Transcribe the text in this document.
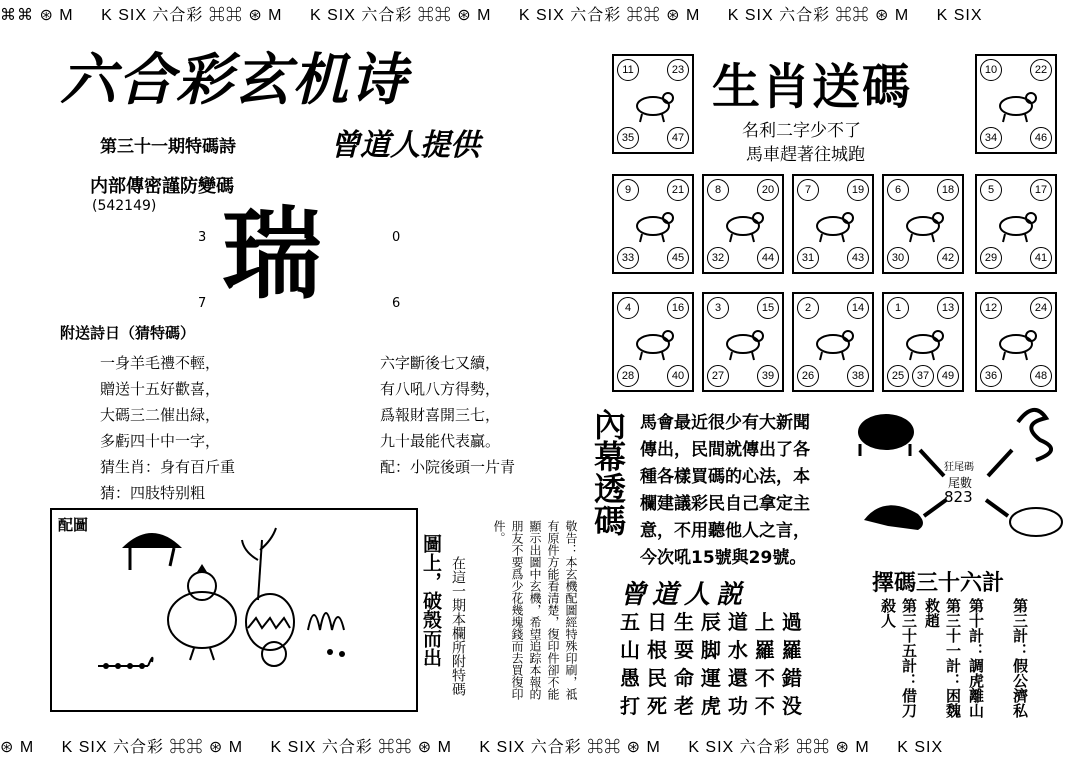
⌘⌘ ⊛ M K SIX 六合彩 ⌘⌘ ⊛ M K SIX 六合彩 ⌘⌘ ⊛ M K SIX 六合彩 ⌘⌘ ⊛ M K SIX 六合彩 ⌘⌘ ⊛ M K SIX
六合彩玄机诗
第三十一期特碼詩	曾道人提供
内部傳密謹防變碼
(542149)
3	0
7	6
瑞
附送詩日（猜特碼）
一身羊毛禮不輕，
贈送十五好歡喜，
大碼三二催出緑，
多虧四十中一字，
猜生肖：身有百斤重
猜：四肢特别粗
六字斷後七又續，
有八吼八方得勢，
爲報財喜開三七，
九十最能代表贏。
配：小院後頭一片青
配圖
圖上，破殼而出 在這一期本欄所附特碼	敬告：本玄機配圖經特殊印刷，祗有原件方能看清楚，復印件卻不能顯示出圖中玄機，希望追踪本報的朋友不要爲少花幾塊錢而去買復印件。
生肖送碼
名利二字少不了
馬車趕著往城跑
11	23
35	47
10	22
34	46
9	21
33	45
8	20
32	44
7	19
31	43
6	18
30	42
5	17
29	41
4	16
28	40
3	15
27	39
2	14
26	38
1	13
25	37	49
12	24
36	48
內幕透碼 馬會最近很少有大新聞
傳出，民間就傳出了各
種各樣買碼的心法，本
欄建議彩民自己拿定主
意，不用聽他人之言，
今次吼15號與29號。
狂尾碼
尾數
823
曾道人説
五 日 生 辰 道 上 過
山 根 耍 脚 水 羅 羅
愚 民 命 運 還 不 錯
打 死 老 虎 功 不 没
擇碼三十六計
第三計：假公濟私
第十計：調虎離山
第三十一計：困魏救趙
第三十五計：借刀殺人
⊛ M K SIX 六合彩 ⌘⌘ ⊛ M K SIX 六合彩 ⌘⌘ ⊛ M K SIX 六合彩 ⌘⌘ ⊛ M K SIX 六合彩 ⌘⌘ ⊛ M K SIX
